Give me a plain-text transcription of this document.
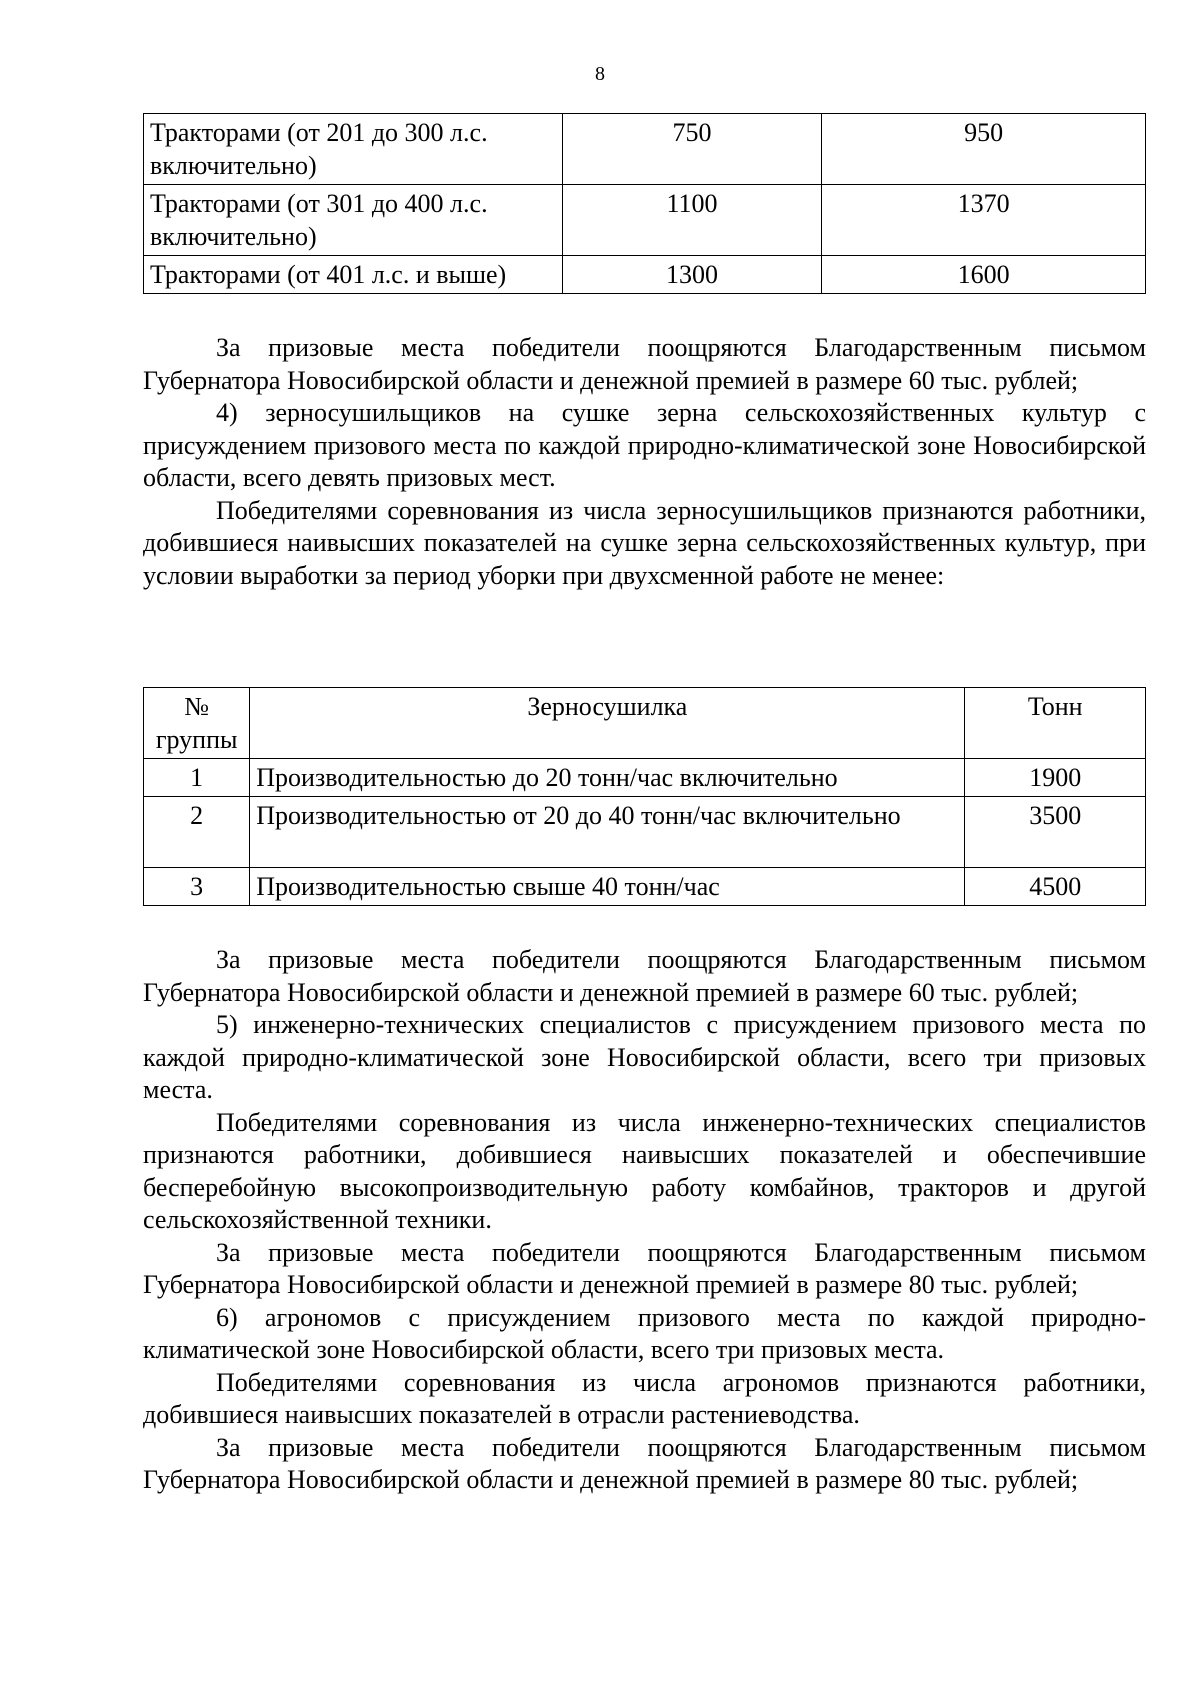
8
Тракторами (от 201 до 300 л.с. включительно)	750	950
Тракторами (от 301 до 400 л.с. включительно)	1100	1370
Тракторами (от 401 л.с. и выше)	1300	1600

За призовые места победители поощряются Благодарственным письмом Губернатора Новосибирской области и денежной премией в размере 60 тыс. рублей;

4) зерносушильщиков на сушке зерна сельскохозяйственных культур с присуждением призового места по каждой природно-климатической зоне Новосибирской области, всего девять призовых мест.

Победителями соревнования из числа зерносушильщиков признаются работники, добившиеся наивысших показателей на сушке зерна сельскохозяйственных культур, при условии выработки за период уборки при двухсменной работе не менее:

№ группы	Зерносушилка	Тонн
1	Производительностью до 20 тонн/час включительно	1900
2	Производительностью от 20 до 40 тонн/час включительно	3500
3	Производительностью свыше 40 тонн/час	4500

За призовые места победители поощряются Благодарственным письмом Губернатора Новосибирской области и денежной премией в размере 60 тыс. рублей;

5) инженерно-технических специалистов с присуждением призового места по каждой природно-климатической зоне Новосибирской области, всего три призовых места.

Победителями соревнования из числа инженерно-технических специалистов признаются работники, добившиеся наивысших показателей и обеспечившие бесперебойную высокопроизводительную работу комбайнов, тракторов и другой сельскохозяйственной техники.

За призовые места победители поощряются Благодарственным письмом Губернатора Новосибирской области и денежной премией в размере 80 тыс. рублей;

6) агрономов с присуждением призового места по каждой природно-климатической зоне Новосибирской области, всего три призовых места.

Победителями соревнования из числа агрономов признаются работники, добившиеся наивысших показателей в отрасли растениеводства.

За призовые места победители поощряются Благодарственным письмом Губернатора Новосибирской области и денежной премией в размере 80 тыс. рублей;
